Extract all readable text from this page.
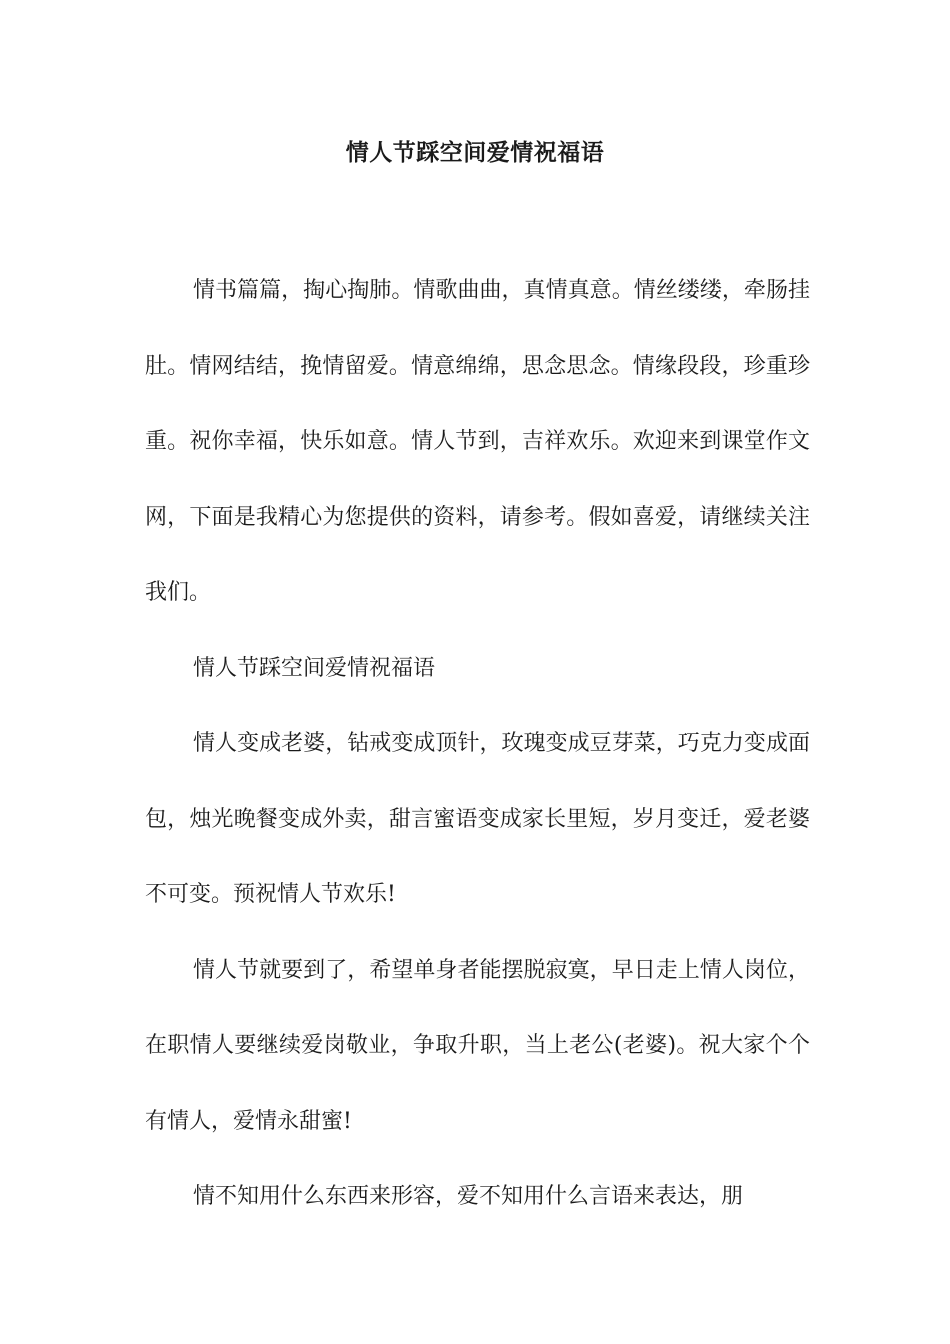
情人节踩空间爱情祝福语

情书篇篇，掏心掏肺。情歌曲曲，真情真意。情丝缕缕，牵肠挂肚。情网结结，挽情留爱。情意绵绵，思念思念。情缘段段，珍重珍重。祝你幸福，快乐如意。情人节到，吉祥欢乐。欢迎来到课堂作文网，下面是我精心为您提供的资料，请参考。假如喜爱，请继续关注我们。

情人节踩空间爱情祝福语

情人变成老婆，钻戒变成顶针，玫瑰变成豆芽菜，巧克力变成面包，烛光晚餐变成外卖，甜言蜜语变成家长里短，岁月变迁，爱老婆不可变。预祝情人节欢乐!

情人节就要到了，希望单身者能摆脱寂寞，早日走上情人岗位，在职情人要继续爱岗敬业，争取升职，当上老公(老婆)。祝大家个个有情人，爱情永甜蜜!

情不知用什么东西来形容，爱不知用什么言语来表达，朋
